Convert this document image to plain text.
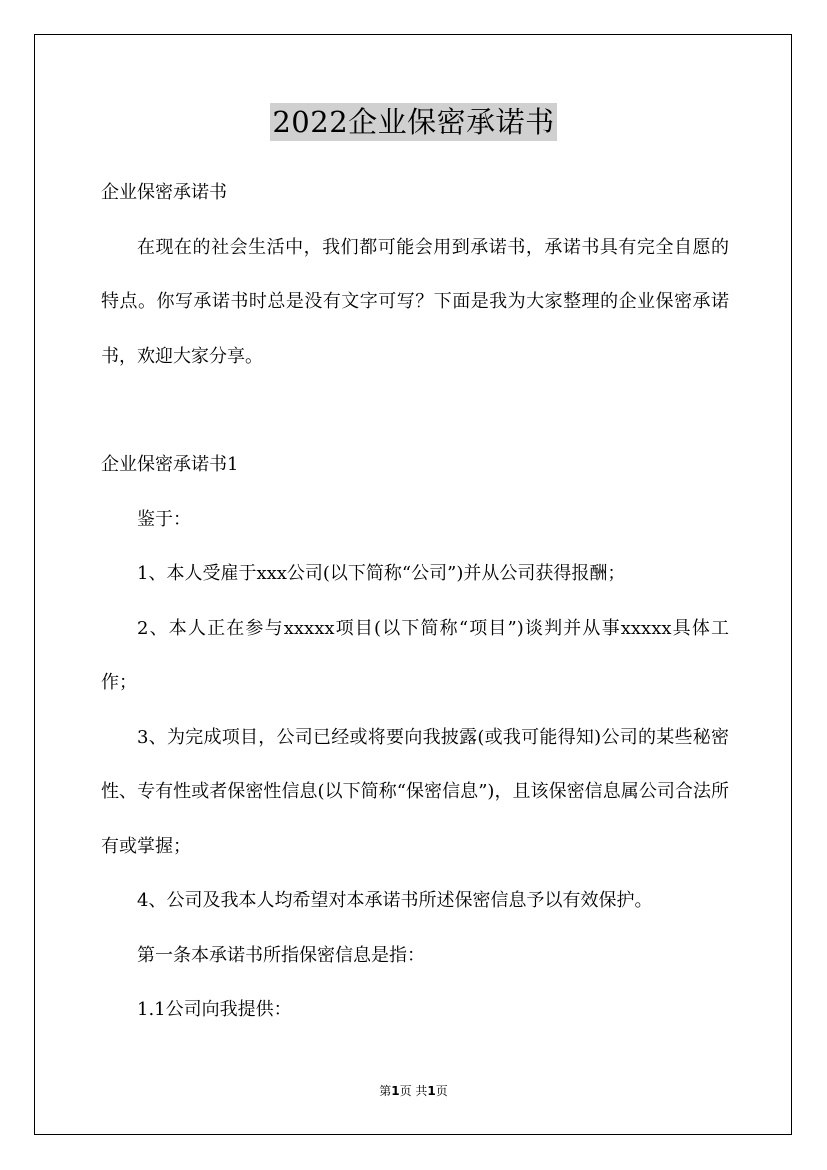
2022企业保密承诺书

企业保密承诺书

在现在的社会生活中，我们都可能会用到承诺书，承诺书具有完全自愿的特点。你写承诺书时总是没有文字可写？下面是我为大家整理的企业保密承诺书，欢迎大家分享。

企业保密承诺书1

鉴于：

1、本人受雇于xxx公司(以下简称“公司”)并从公司获得报酬；

2、本人正在参与xxxxx项目(以下简称“项目”)谈判并从事xxxxx具体工作；

3、为完成项目，公司已经或将要向我披露(或我可能得知)公司的某些秘密性、专有性或者保密性信息(以下简称“保密信息”)，且该保密信息属公司合法所有或掌握；

4、公司及我本人均希望对本承诺书所述保密信息予以有效保护。

第一条本承诺书所指保密信息是指：

1.1公司向我提供：

第1页 共1页
